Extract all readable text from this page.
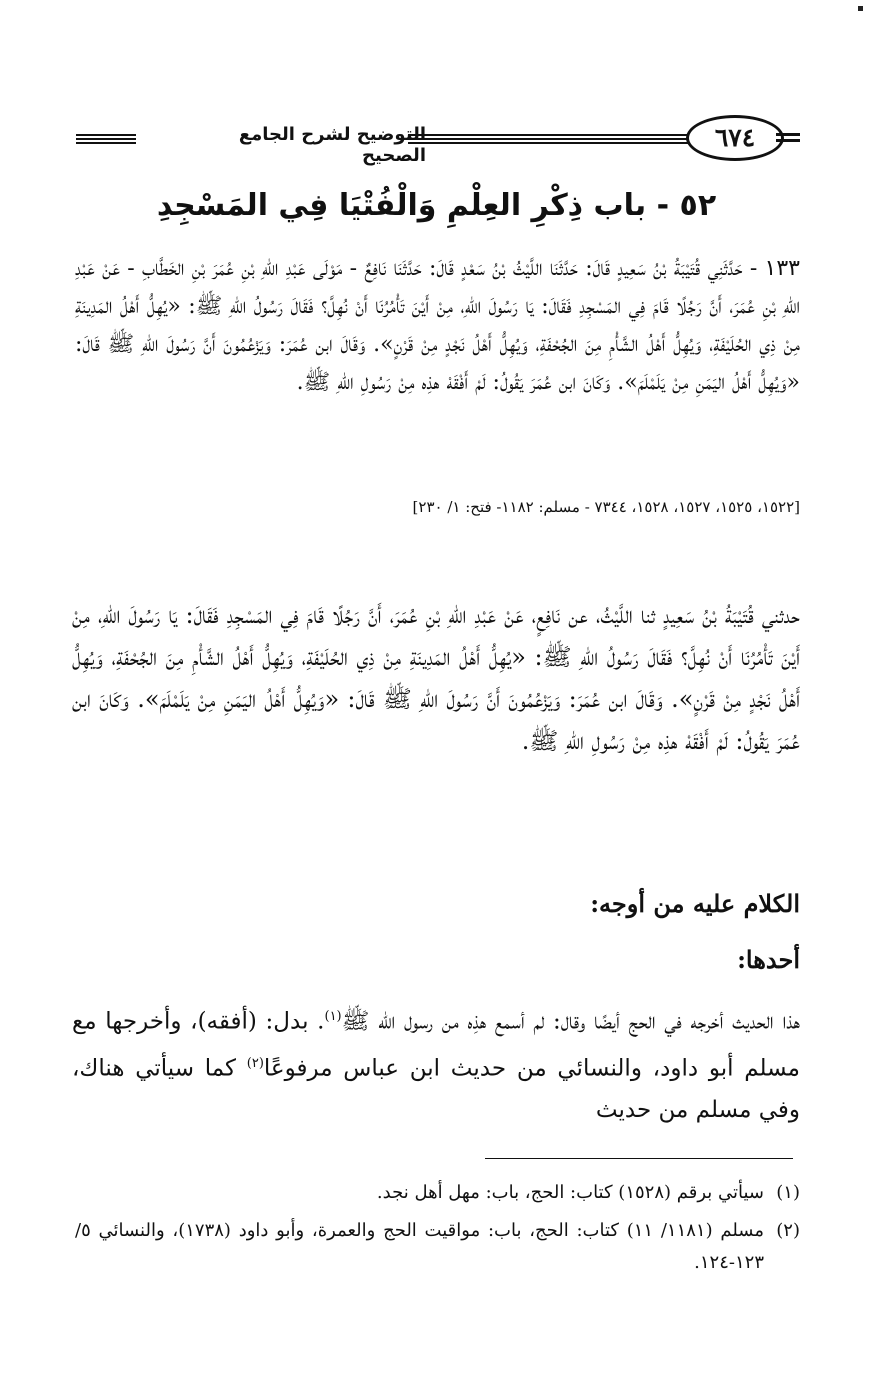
التوضيح لشرح الجامع الصحيح
٦٧٤
٥٢ - باب ذِكْرِ العِلْمِ وَالْفُتْيَا فِي المَسْجِدِ

١٣٣ - حَدَّثَنِي قُتَيْبَةُ بْنُ سَعِيدٍ قَالَ: حَدَّثَنَا اللَّيْثُ بْنُ سَعْدٍ قَالَ: حَدَّثَنَا نَافِعٌ - مَوْلَى عَبْدِ اللهِ بْنِ عُمَرَ بْنِ الخَطَّابِ - عَنْ عَبْدِ اللهِ بْنِ عُمَرَ، أَنَّ رَجُلًا قَامَ فِي المَسْجِدِ فَقَالَ: يَا رَسُولَ اللهِ، مِنْ أَيْنَ تَأْمُرُنَا أَنْ نُهِلَّ؟ فَقَالَ رَسُولُ اللهِ ﷺ: «يُهِلُّ أَهْلُ المَدِينَةِ مِنْ ذِي الحُلَيْفَةِ، وَيُهِلُّ أَهْلُ الشَّأْمِ مِنَ الجُحْفَةِ، وَيُهِلُّ أَهْلُ نَجْدٍ مِنْ قَرْنٍ». وَقَالَ ابن عُمَرَ: وَيَزْعُمُونَ أَنَّ رَسُولَ اللهِ ﷺ قَالَ: «وَيُهِلُّ أَهْلُ اليَمَنِ مِنْ يَلَمْلَمَ». وَكَانَ ابن عُمَرَ يَقُولُ: لَمْ أَفْقَهْ هذِه مِنْ رَسُولِ اللهِ ﷺ.

[١٥٢٢، ١٥٢٥، ١٥٢٧، ١٥٢٨، ٧٣٤٤ - مسلم: ١١٨٢- فتح: ١/ ٢٣٠]

حدثني قُتَيْبَةُ بْنُ سَعِيدٍ ثنا اللَّيْثُ، عن نَافِعٍ، عَنْ عَبْدِ اللهِ بْنِ عُمَرَ، أَنَّ رَجُلًا قَامَ فِي المَسْجِدِ فَقَالَ: يَا رَسُولَ اللهِ، مِنْ أَيْنَ تَأْمُرُنَا أَنْ نُهِلَّ؟ فَقَالَ رَسُولُ اللهِ ﷺ: «يُهِلُّ أَهْلُ المَدِينَةِ مِنْ ذِي الحُلَيْفَةِ، وَيُهِلُّ أَهْلُ الشَّأْمِ مِنَ الجُحْفَةِ، وَيُهِلُّ أَهْلُ نَجْدٍ مِنْ قَرْنٍ». وَقَالَ ابن عُمَرَ: وَيَزْعُمُونَ أَنَّ رَسُولَ اللهِ ﷺ قَالَ: «وَيُهِلُّ أَهْلُ اليَمَنِ مِنْ يَلَمْلَمَ». وَكَانَ ابن عُمَرَ يَقُولُ: لَمْ أَفْقَهْ هذِه مِنْ رَسُولِ اللهِ ﷺ.

الكلام عليه من أوجه:

أحدها:

هذا الحديث أخرجه في الحج أيضًا وقال: لم أسمع هذِه من رسول الله ﷺ$^{(١)}$. بدل: (أفقه)، وأخرجها مع مسلم أبو داود، والنسائي من حديث ابن عباس مرفوعًا$^{(٢)}$ كما سيأتي هناك، وفي مسلم من حديث

(١)
سيأتي برقم (١٥٢٨) كتاب: الحج، باب: مهل أهل نجد.
(٢)
مسلم (١١٨١/ ١١) كتاب: الحج، باب: مواقيت الحج والعمرة، وأبو داود (١٧٣٨)، والنسائي ٥/ ١٢٣-١٢٤.
